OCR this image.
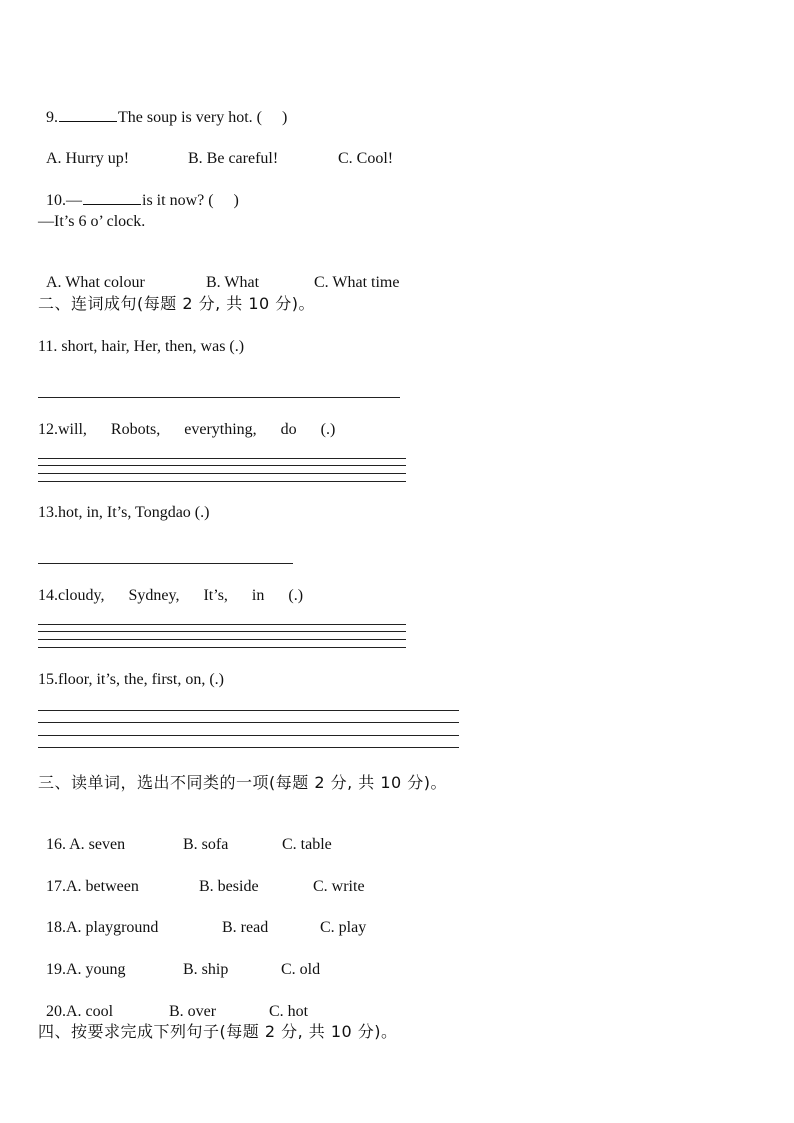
9.	The soup is very hot. (     )

A. Hurry up!	B. Be careful!	C. Cool!

10.—	is it now? (     )

—It’s 6 o’ clock.

A. What colour	B. What	C. What time

二、连词成句(每题 2 分, 共 10 分)。
11. short, hair, Her, then, was (.)
12.will,      Robots,      everything,      do      (.)
13.hot, in, It’s, Tongdao (.)
14.cloudy,      Sydney,      It’s,      in      (.)
15.floor, it’s, the, first, on, (.)
三、读单词，选出不同类的一项(每题 2 分, 共 10 分)。

16. A. seven	B. sofa	C. table

17.A. between	B. beside	C. write

18.A. playground	B. read	C. play

19.A. young	B. ship	C. old

20.A. cool	B. over	C. hot

四、按要求完成下列句子(每题 2 分, 共 10 分)。
